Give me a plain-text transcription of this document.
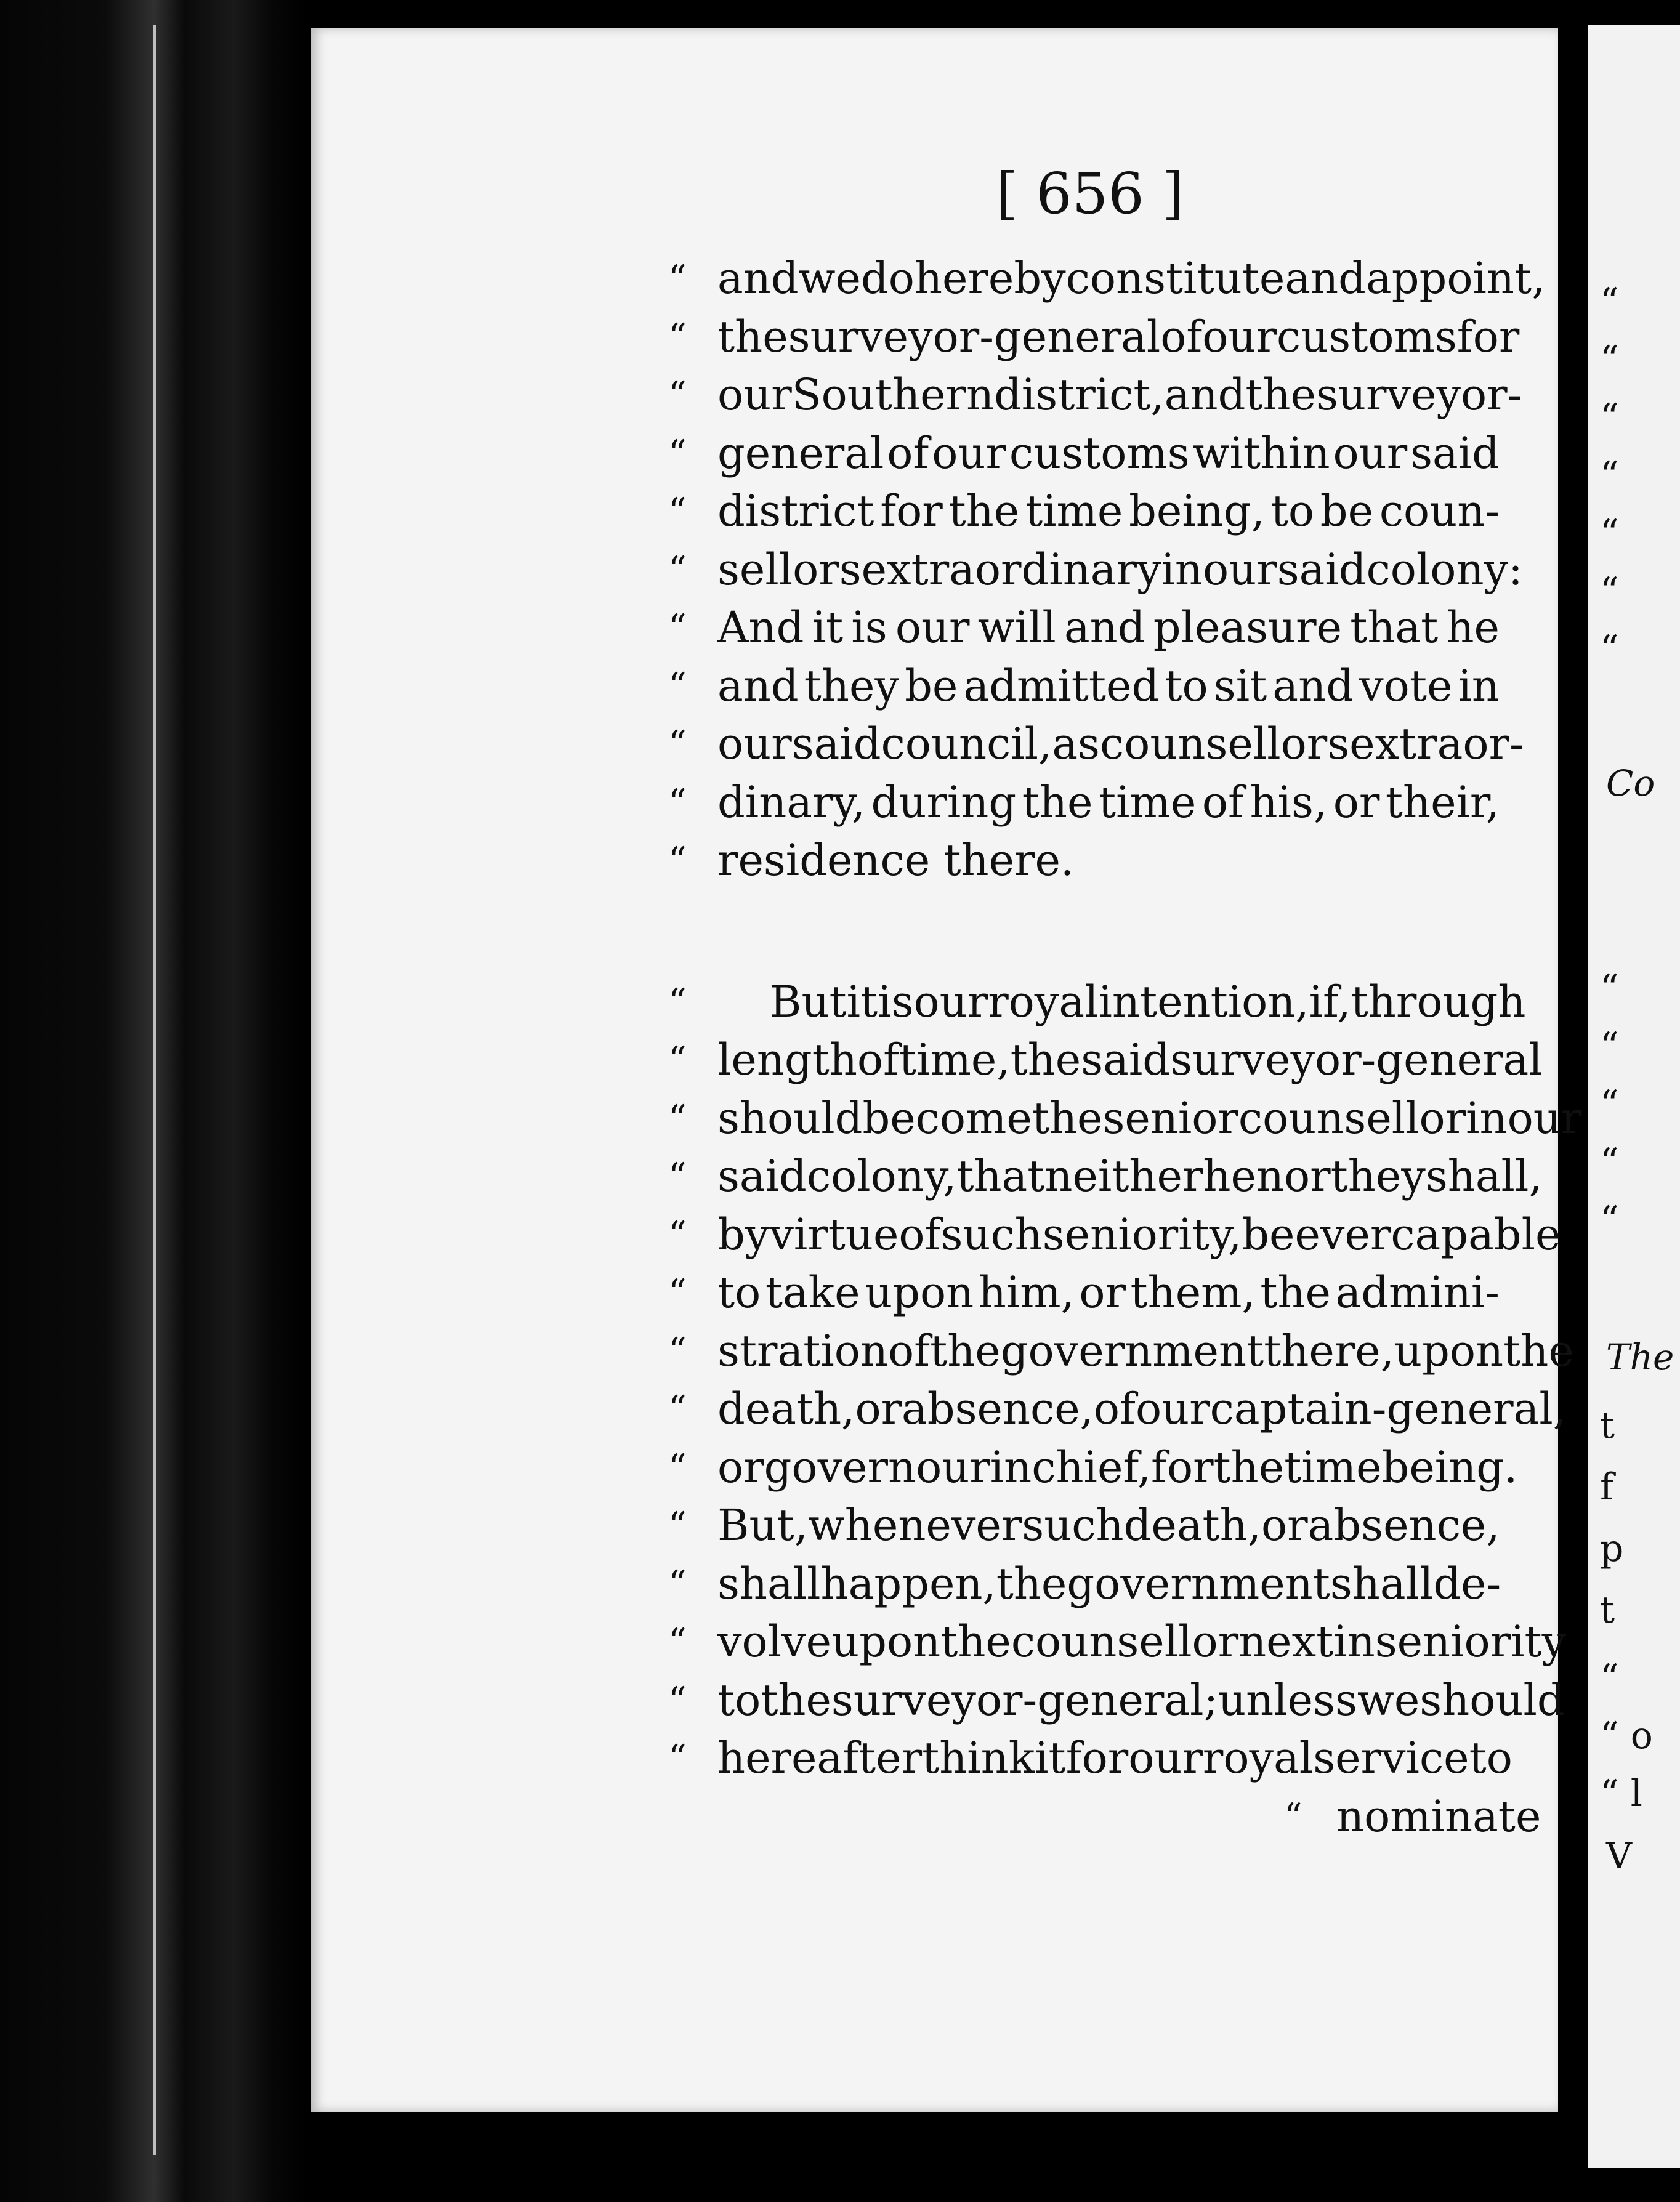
[ 656 ]
“ and we do hereby constitute and appoint,
“ the surveyor-general of our customs for
“ our Southern district, and the surveyor-
“ general of our customs within our said
“ district for the time being, to be coun-
“ sellors extraordinary in our said colony:
“ And it is our will and pleasure that he
“ and they be admitted to sit and vote in
“ our said council, as counsellors extraor-
“ dinary, during the time of his, or their,
“ residence there.
“	But it is our royal intention, if, through
“ length of time, the said surveyor-general
“ should become the senior counsellor in our
“ said colony, that neither he nor they shall,
“ by virtue of such seniority, be ever capable
“ to take upon him, or them, the admini-
“ stration of the government there, upon the
“ death, or absence, of our captain-general,
“ or governour in chief, for the time being.
“ But, whenever such death, or absence,
“ shall happen, the government shall de-
“ volve upon the counsellor next in seniority
“ to the surveyor-general; unless we should
“ hereafter think it for our royal service to
“ nominate
“
“
“
“
“
“
“
Co
“
“
“
“
“
The
t
f
p
t
“
“ o
“ l
V
